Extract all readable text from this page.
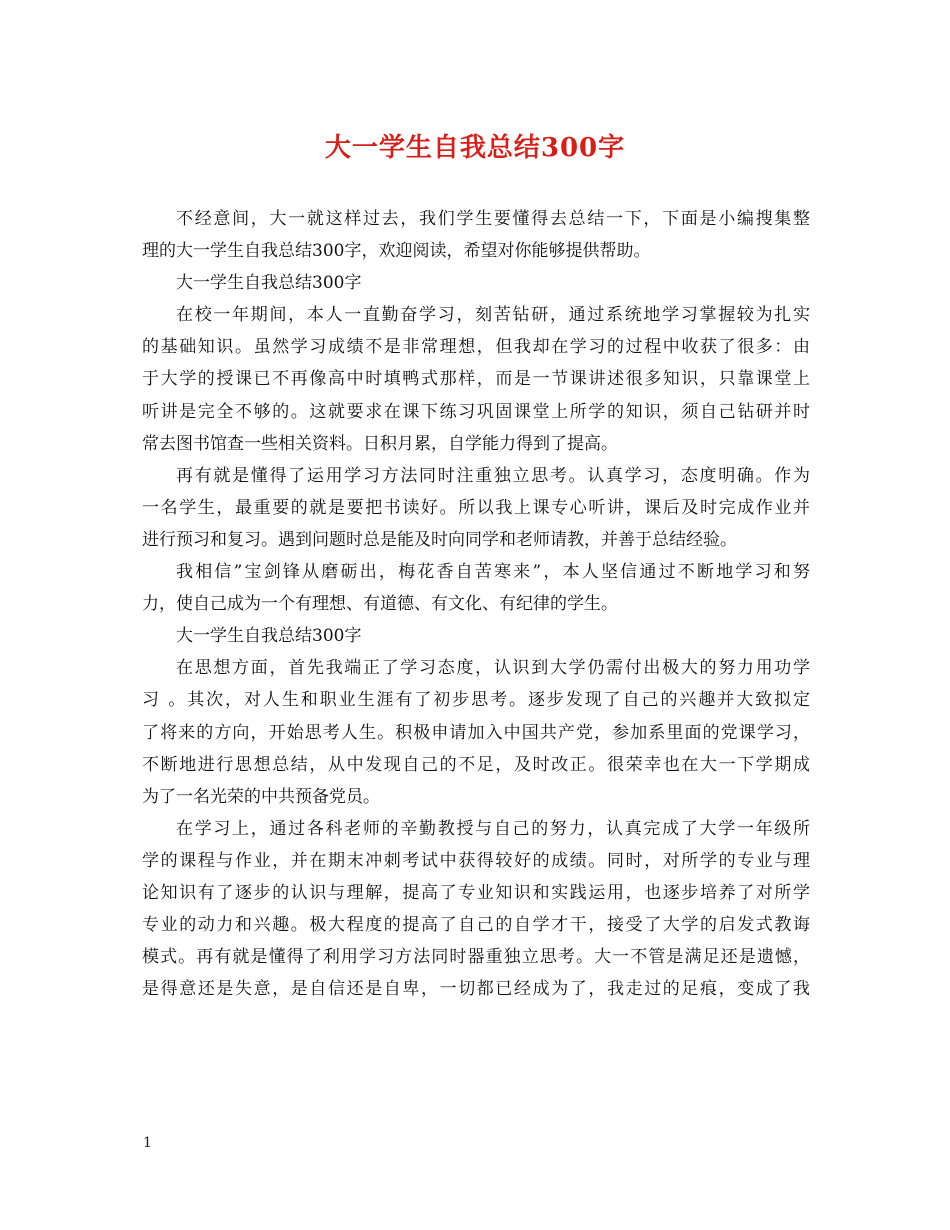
大一学生自我总结300字
不经意间，大一就这样过去，我们学生要懂得去总结一下，下面是小编搜集整
理的大一学生自我总结300字，欢迎阅读，希望对你能够提供帮助。
大一学生自我总结300字
在校一年期间，本人一直勤奋学习，刻苦钻研，通过系统地学习掌握较为扎实
的基础知识。虽然学习成绩不是非常理想，但我却在学习的过程中收获了很多：由
于大学的授课已不再像高中时填鸭式那样，而是一节课讲述很多知识，只靠课堂上
听讲是完全不够的。这就要求在课下练习巩固课堂上所学的知识，须自己钻研并时
常去图书馆查一些相关资料。日积月累，自学能力得到了提高。
再有就是懂得了运用学习方法同时注重独立思考。认真学习，态度明确。作为
一名学生，最重要的就是要把书读好。所以我上课专心听讲，课后及时完成作业并
进行预习和复习。遇到问题时总是能及时向同学和老师请教，并善于总结经验。
我相信”宝剑锋从磨砺出，梅花香自苦寒来”，本人坚信通过不断地学习和努
力，使自己成为一个有理想、有道德、有文化、有纪律的学生。
大一学生自我总结300字
在思想方面，首先我端正了学习态度，认识到大学仍需付出极大的努力用功学
习 。其次，对人生和职业生涯有了初步思考。逐步发现了自己的兴趣并大致拟定
了将来的方向，开始思考人生。积极申请加入中国共产党，参加系里面的党课学习，
不断地进行思想总结，从中发现自己的不足，及时改正。很荣幸也在大一下学期成
为了一名光荣的中共预备党员。
在学习上，通过各科老师的辛勤教授与自己的努力，认真完成了大学一年级所
学的课程与作业，并在期末冲刺考试中获得较好的成绩。同时，对所学的专业与理
论知识有了逐步的认识与理解，提高了专业知识和实践运用，也逐步培养了对所学
专业的动力和兴趣。极大程度的提高了自己的自学才干，接受了大学的启发式教诲
模式。再有就是懂得了利用学习方法同时器重独立思考。大一不管是满足还是遗憾，
是得意还是失意，是自信还是自卑，一切都已经成为了，我走过的足痕，变成了我
1
